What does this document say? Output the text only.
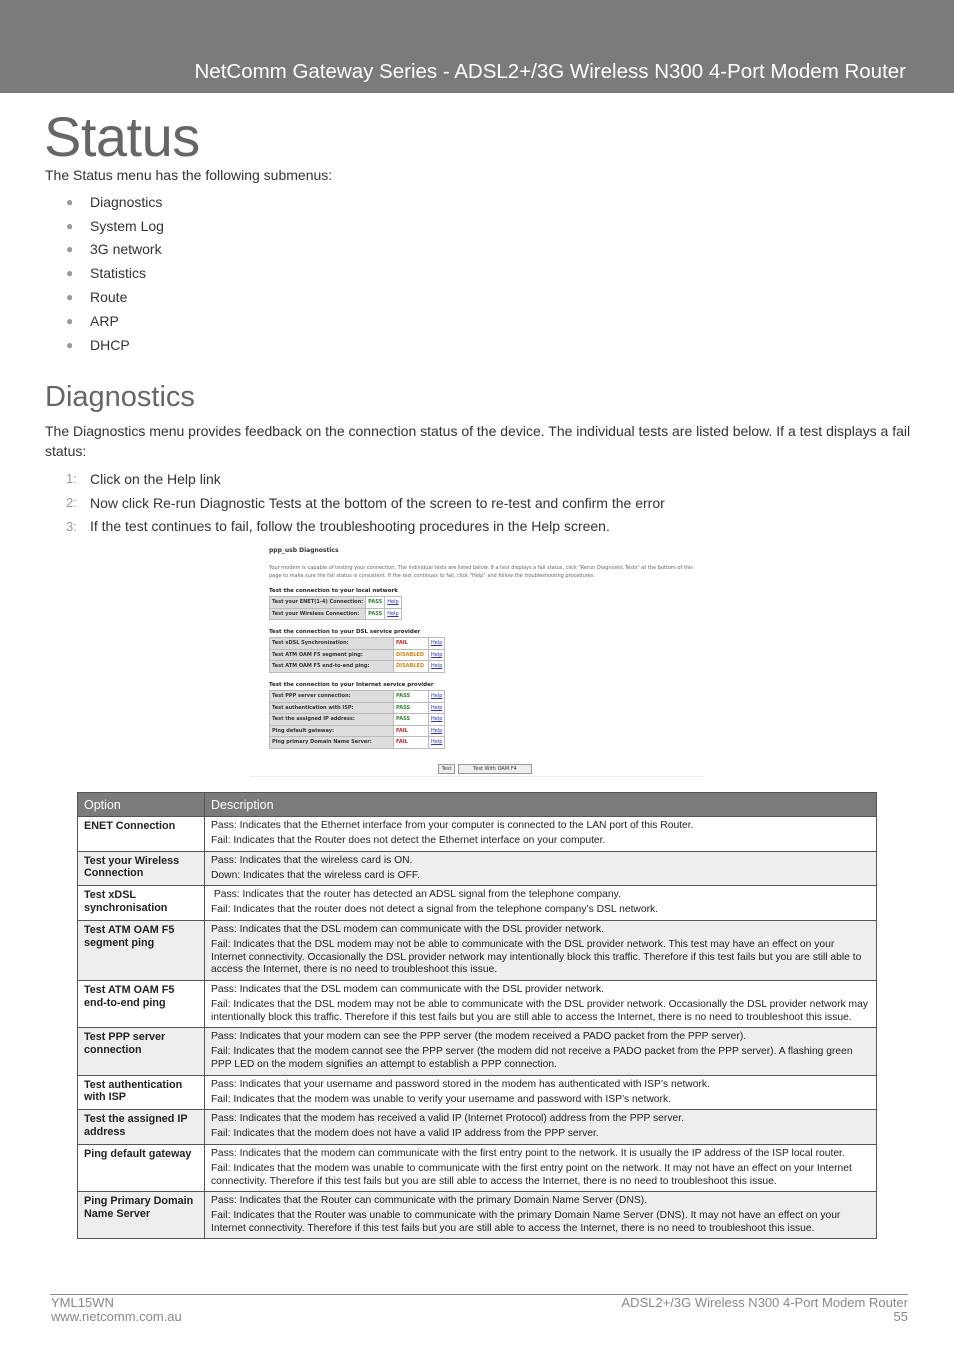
NetComm Gateway Series - ADSL2+/3G Wireless N300 4-Port Modem Router
Status
The Status menu has the following submenus:
●	Diagnostics
●	System Log
●	3G network
●	Statistics
●	Route
●	ARP
●	DHCP
Diagnostics
The Diagnostics menu provides feedback on the connection status of the device. The individual tests are listed below. If a test displays a fail status:
1: Click on the Help link
2: Now click Re-run Diagnostic Tests at the bottom of the screen to re-test and confirm the error
3: If the test continues to fail, follow the troubleshooting procedures in the Help screen.
ppp_usb Diagnostics
Your modem is capable of testing your connection. The individual tests are listed below. If a test displays a fail status, click "Rerun Diagnostic Tests" at the bottom of this page to make sure the fail status is consistent. If the test continues to fail, click "Help" and follow the troubleshooting procedures.
Test the connection to your local network
Test your ENET(1-4) Connection:	PASS	Help
Test your Wireless Connection:	PASS	Help
Test the connection to your DSL service provider
Test xDSL Synchronization:	FAIL	Help
Test ATM OAM F5 segment ping:	DISABLED	Help
Test ATM OAM F5 end-to-end ping:	DISABLED	Help
Test the connection to your Internet service provider
Test PPP server connection:	PASS	Help
Test authentication with ISP:	PASS	Help
Test the assigned IP address:	PASS	Help
Ping default gateway:	FAIL	Help
Ping primary Domain Name Server:	FAIL	Help
Test	Test With OAM F4
Option	Description
ENET Connection	Pass: Indicates that the Ethernet interface from your computer is connected to the LAN port of this Router.

Fail: Indicates that the Router does not detect the Ethernet interface on your computer.

Test your Wireless Connection	Pass: Indicates that the wireless card is ON.

Down: Indicates that the wireless card is OFF.

Test xDSL synchronisation	Pass: Indicates that the router has detected an ADSL signal from the telephone company.

Fail: Indicates that the router does not detect a signal from the telephone company’s DSL network.

Test ATM OAM F5 segment ping	Pass: Indicates that the DSL modem can communicate with the DSL provider network.

Fail: Indicates that the DSL modem may not be able to communicate with the DSL provider network. This test may have an effect on your Internet connectivity. Occasionally the DSL provider network may intentionally block this traffic. Therefore if this test fails but you are still able to access the Internet, there is no need to troubleshoot this issue.

Test ATM OAM F5 end-to-end ping	Pass: Indicates that the DSL modem can communicate with the DSL provider network.

Fail: Indicates that the DSL modem may not be able to communicate with the DSL provider network. Occasionally the DSL provider network may intentionally block this traffic. Therefore if this test fails but you are still able to access the Internet, there is no need to troubleshoot this issue.

Test PPP server connection	Pass: Indicates that your modem can see the PPP server (the modem received a PADO packet from the PPP server).

Fail: Indicates that the modem cannot see the PPP server (the modem did not receive a PADO packet from the PPP server). A flashing green PPP LED on the modem signifies an attempt to establish a PPP connection.

Test authentication with ISP	Pass: Indicates that your username and password stored in the modem has authenticated with ISP’s network.

Fail: Indicates that the modem was unable to verify your username and password with ISP’s network.

Test the assigned IP address	Pass: Indicates that the modem has received a valid IP (Internet Protocol) address from the PPP server.

Fail: Indicates that the modem does not have a valid IP address from the PPP server.

Ping default gateway	Pass: Indicates that the modem can communicate with the first entry point to the network. It is usually the IP address of the ISP local router.

Fail: Indicates that the modem was unable to communicate with the first entry point on the network. It may not have an effect on your Internet connectivity. Therefore if this test fails but you are still able to access the Internet, there is no need to troubleshoot this issue.

Ping Primary Domain Name Server	Pass: Indicates that the Router can communicate with the primary Domain Name Server (DNS).

Fail: Indicates that the Router was unable to communicate with the primary Domain Name Server (DNS). It may not have an effect on your Internet connectivity. Therefore if this test fails but you are still able to access the Internet, there is no need to troubleshoot this issue.

YML15WN
www.netcomm.com.au
ADSL2+/3G Wireless N300 4-Port Modem Router
55
